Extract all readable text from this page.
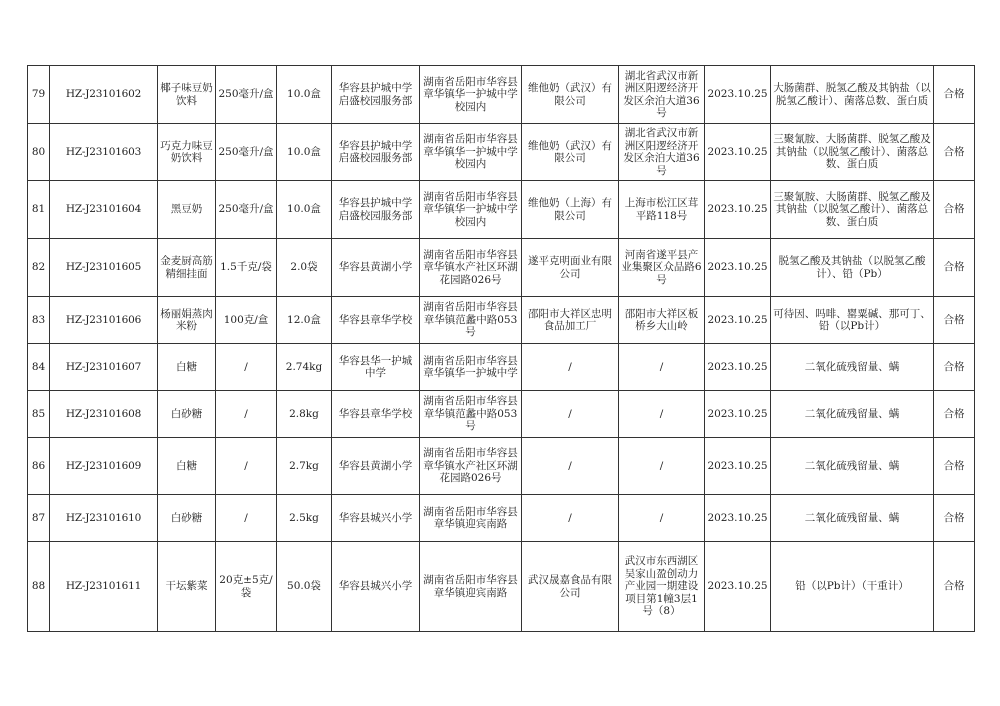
79	HZ-J23101602	椰子味豆奶饮料	250毫升/盒	10.0盒	华容县护城中学启盛校园服务部	湖南省岳阳市华容县章华镇华一护城中学校园内	维他奶（武汉）有限公司	湖北省武汉市新洲区阳逻经济开发区余泊大道36号	2023.10.25	大肠菌群、脱氢乙酸及其钠盐（以脱氢乙酸计）、菌落总数、蛋白质	合格
80	HZ-J23101603	巧克力味豆奶饮料	250毫升/盒	10.0盒	华容县护城中学启盛校园服务部	湖南省岳阳市华容县章华镇华一护城中学校园内	维他奶（武汉）有限公司	湖北省武汉市新洲区阳逻经济开发区余泊大道36号	2023.10.25	三聚氰胺、大肠菌群、脱氢乙酸及其钠盐（以脱氢乙酸计）、菌落总数、蛋白质	合格
81	HZ-J23101604	黑豆奶	250毫升/盒	10.0盒	华容县护城中学启盛校园服务部	湖南省岳阳市华容县章华镇华一护城中学校园内	维他奶（上海）有限公司	上海市松江区茸平路118号	2023.10.25	三聚氰胺、大肠菌群、脱氢乙酸及其钠盐（以脱氢乙酸计）、菌落总数、蛋白质	合格
82	HZ-J23101605	金麦厨高筋精细挂面	1.5千克/袋	2.0袋	华容县黄湖小学	湖南省岳阳市华容县章华镇水产社区环湖花园路026号	遂平克明面业有限公司	河南省遂平县产业集聚区众品路6号	2023.10.25	脱氢乙酸及其钠盐（以脱氢乙酸计）、铅（Pb）	合格
83	HZ-J23101606	杨丽娟蒸肉米粉	100克/盒	12.0盒	华容县章华学校	湖南省岳阳市华容县章华镇范蠡中路053号	邵阳市大祥区忠明食品加工厂	邵阳市大祥区板桥乡大山岭	2023.10.25	可待因、吗啡、罂粟碱、那可丁、铅（以Pb计）	合格
84	HZ-J23101607	白糖	/	2.74kg	华容县华一护城中学	湖南省岳阳市华容县章华镇华一护城中学	/	/	2023.10.25	二氧化硫残留量、螨	合格
85	HZ-J23101608	白砂糖	/	2.8kg	华容县章华学校	湖南省岳阳市华容县章华镇范蠡中路053号	/	/	2023.10.25	二氧化硫残留量、螨	合格
86	HZ-J23101609	白糖	/	2.7kg	华容县黄湖小学	湖南省岳阳市华容县章华镇水产社区环湖花园路026号	/	/	2023.10.25	二氧化硫残留量、螨	合格
87	HZ-J23101610	白砂糖	/	2.5kg	华容县城兴小学	湖南省岳阳市华容县章华镇迎宾南路	/	/	2023.10.25	二氧化硫残留量、螨	合格
88	HZ-J23101611	干坛紫菜	20克±5克/袋	50.0袋	华容县城兴小学	湖南省岳阳市华容县章华镇迎宾南路	武汉晟嘉食品有限公司	武汉市东西湖区吴家山盈创动力产业园一期建设项目第1幢3层1号（8）	2023.10.25	铅（以Pb计）（干重计）	合格
